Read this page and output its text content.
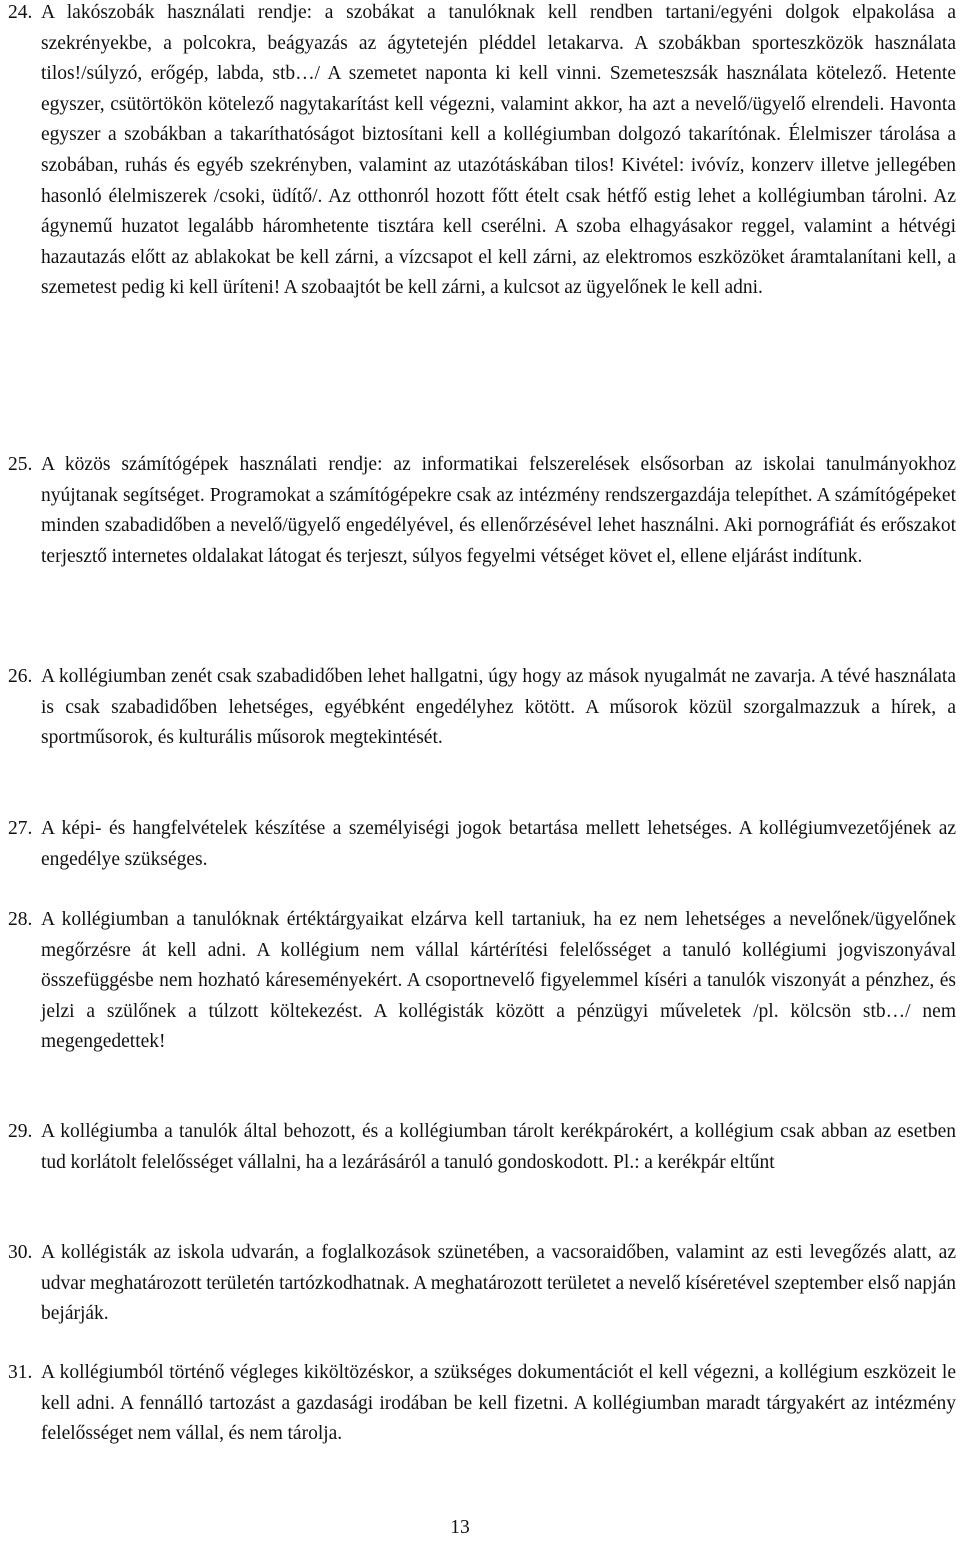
24. A lakószobák használati rendje: a szobákat a tanulóknak kell rendben tartani/egyéni dolgok elpakolása a szekrényekbe, a polcokra, beágyazás az ágytetején pléddel letakarva. A szobákban sporteszközök használata tilos!/súlyzó, erőgép, labda, stb…/ A szemetet naponta ki kell vinni. Szemeteszsák használata kötelező. Hetente egyszer, csütörtökön kötelező nagytakarítást kell végezni, valamint akkor, ha azt a nevelő/ügyelő elrendeli. Havonta egyszer a szobákban a takaríthatóságot biztosítani kell a kollégiumban dolgozó takarítónak. Élelmiszer tárolása a szobában, ruhás és egyéb szekrényben, valamint az utazótáskában tilos! Kivétel: ivóvíz, konzerv illetve jellegében hasonló élelmiszerek /csoki, üdítő/. Az otthonról hozott főtt ételt csak hétfő estig lehet a kollégiumban tárolni. Az ágynemű huzatot legalább háromhetente tisztára kell cserélni. A szoba elhagyásakor reggel, valamint a hétvégi hazautazás előtt az ablakokat be kell zárni, a vízcsapot el kell zárni, az elektromos eszközöket áramtalanítani kell, a szemetest pedig ki kell üríteni! A szobaajtót be kell zárni, a kulcsot az ügyelőnek le kell adni.
25. A közös számítógépek használati rendje: az informatikai felszerelések elsősorban az iskolai tanulmányokhoz nyújtanak segítséget. Programokat a számítógépekre csak az intézmény rendszergazdája telepíthet. A számítógépeket minden szabadidőben a nevelő/ügyelő engedélyével, és ellenőrzésével lehet használni. Aki pornográfiát és erőszakot terjesztő internetes oldalakat látogat és terjeszt, súlyos fegyelmi vétséget követ el, ellene eljárást indítunk.
26. A kollégiumban zenét csak szabadidőben lehet hallgatni, úgy hogy az mások nyugalmát ne zavarja. A tévé használata is csak szabadidőben lehetséges, egyébként engedélyhez kötött. A műsorok közül szorgalmazzuk a hírek, a sportműsorok, és kulturális műsorok megtekintését.
27. A képi- és hangfelvételek készítése a személyiségi jogok betartása mellett lehetséges. A kollégiumvezetőjének az engedélye szükséges.
28. A kollégiumban a tanulóknak értéktárgyaikat elzárva kell tartaniuk, ha ez nem lehetséges a nevelőnek/ügyelőnek megőrzésre át kell adni. A kollégium nem vállal kártérítési felelősséget a tanuló kollégiumi jogviszonyával összefüggésbe nem hozható káreseményekért. A csoportnevelő figyelemmel kíséri a tanulók viszonyát a pénzhez, és jelzi a szülőnek a túlzott költekezést. A kollégisták között a pénzügyi műveletek /pl. kölcsön stb…/ nem megengedettek!
29. A kollégiumba a tanulók által behozott, és a kollégiumban tárolt kerékpárokért, a kollégium csak abban az esetben tud korlátolt felelősséget vállalni, ha a lezárásáról a tanuló gondoskodott. Pl.: a kerékpár eltűnt
30. A kollégisták az iskola udvarán, a foglalkozások szünetében, a vacsoraidőben, valamint az esti levegőzés alatt, az udvar meghatározott területén tartózkodhatnak. A meghatározott területet a nevelő kíséretével szeptember első napján bejárják.
31. A kollégiumból történő végleges kiköltözéskor, a szükséges dokumentációt el kell végezni, a kollégium eszközeit le kell adni. A fennálló tartozást a gazdasági irodában be kell fizetni. A kollégiumban maradt tárgyakért az intézmény felelősséget nem vállal, és nem tárolja.
13
